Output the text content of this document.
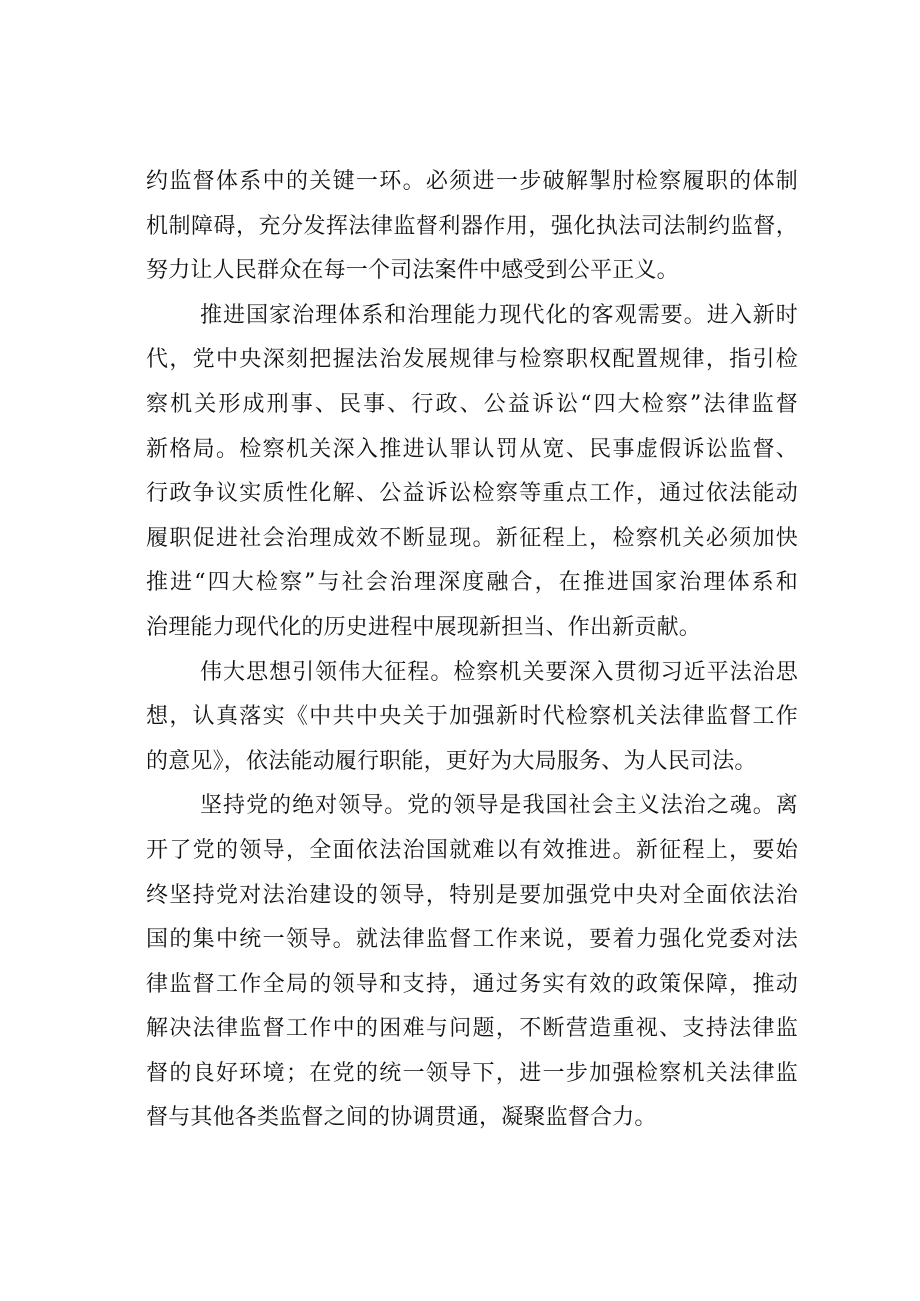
约监督体系中的关键一环。必须进一步破解掣肘检察履职的体制
机制障碍，充分发挥法律监督利器作用，强化执法司法制约监督，
努力让人民群众在每一个司法案件中感受到公平正义。
推进国家治理体系和治理能力现代化的客观需要。进入新时
代，党中央深刻把握法治发展规律与检察职权配置规律，指引检
察机关形成刑事、民事、行政、公益诉讼“四大检察”法律监督
新格局。检察机关深入推进认罪认罚从宽、民事虚假诉讼监督、
行政争议实质性化解、公益诉讼检察等重点工作，通过依法能动
履职促进社会治理成效不断显现。新征程上，检察机关必须加快
推进“四大检察”与社会治理深度融合，在推进国家治理体系和
治理能力现代化的历史进程中展现新担当、作出新贡献。
伟大思想引领伟大征程。检察机关要深入贯彻习近平法治思
想，认真落实《中共中央关于加强新时代检察机关法律监督工作
的意见》，依法能动履行职能，更好为大局服务、为人民司法。
坚持党的绝对领导。党的领导是我国社会主义法治之魂。离
开了党的领导，全面依法治国就难以有效推进。新征程上，要始
终坚持党对法治建设的领导，特别是要加强党中央对全面依法治
国的集中统一领导。就法律监督工作来说，要着力强化党委对法
律监督工作全局的领导和支持，通过务实有效的政策保障，推动
解决法律监督工作中的困难与问题，不断营造重视、支持法律监
督的良好环境；在党的统一领导下，进一步加强检察机关法律监
督与其他各类监督之间的协调贯通，凝聚监督合力。
